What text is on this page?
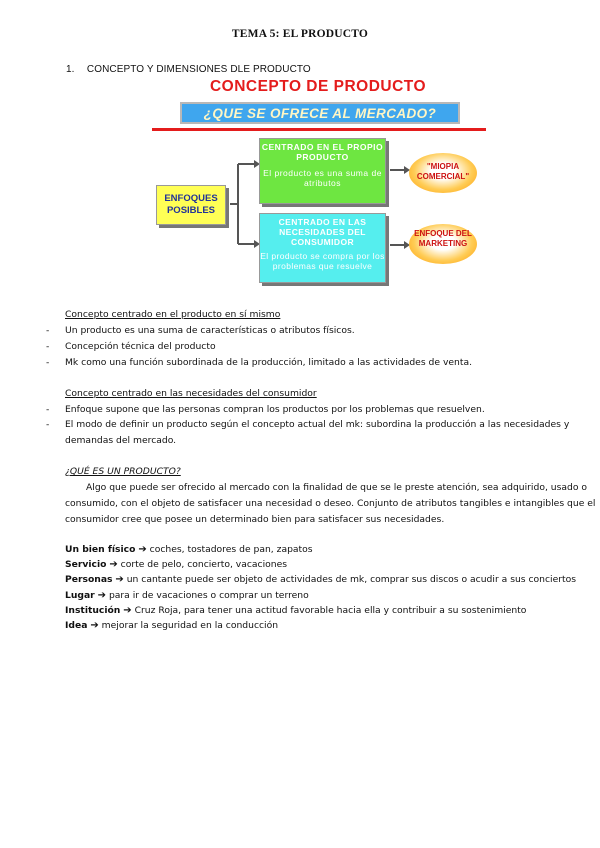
TEMA 5: EL PRODUCTO
1. CONCEPTO Y DIMENSIONES DLE PRODUCTO
CONCEPTO DE PRODUCTO
¿QUE SE OFRECE AL MERCADO?
ENFOQUES POSIBLES
CENTRADO EN EL PROPIO PRODUCTO
El producto es una suma de atributos
CENTRADO EN LAS NECESIDADES DEL CONSUMIDOR
El producto se compra por los problemas que resuelve
"MIOPIA COMERCIAL"
ENFOQUE DEL MARKETING
Concepto centrado en el producto en sí mismo
- Un producto es una suma de características o atributos físicos.
- Concepción técnica del producto
- Mk como una función subordinada de la producción, limitado a las actividades de venta.
Concepto centrado en las necesidades del consumidor
- Enfoque supone que las personas compran los productos por los problemas que resuelven.
- El modo de definir un producto según el concepto actual del mk: subordina la producción a las necesidades y
demandas del mercado.
¿QUÉ ES UN PRODUCTO?
Algo que puede ser ofrecido al mercado con la finalidad de que se le preste atención, sea adquirido, usado o
consumido, con el objeto de satisfacer una necesidad o deseo. Conjunto de atributos tangibles e intangibles que el
consumidor cree que posee un determinado bien para satisfacer sus necesidades.
Un bien físico ➔ coches, tostadores de pan, zapatos
Servicio ➔ corte de pelo, concierto, vacaciones
Personas ➔ un cantante puede ser objeto de actividades de mk, comprar sus discos o acudir a sus conciertos
Lugar ➔ para ir de vacaciones o comprar un terreno
Institución ➔ Cruz Roja, para tener una actitud favorable hacia ella y contribuir a su sostenimiento
Idea ➔ mejorar la seguridad en la conducción
